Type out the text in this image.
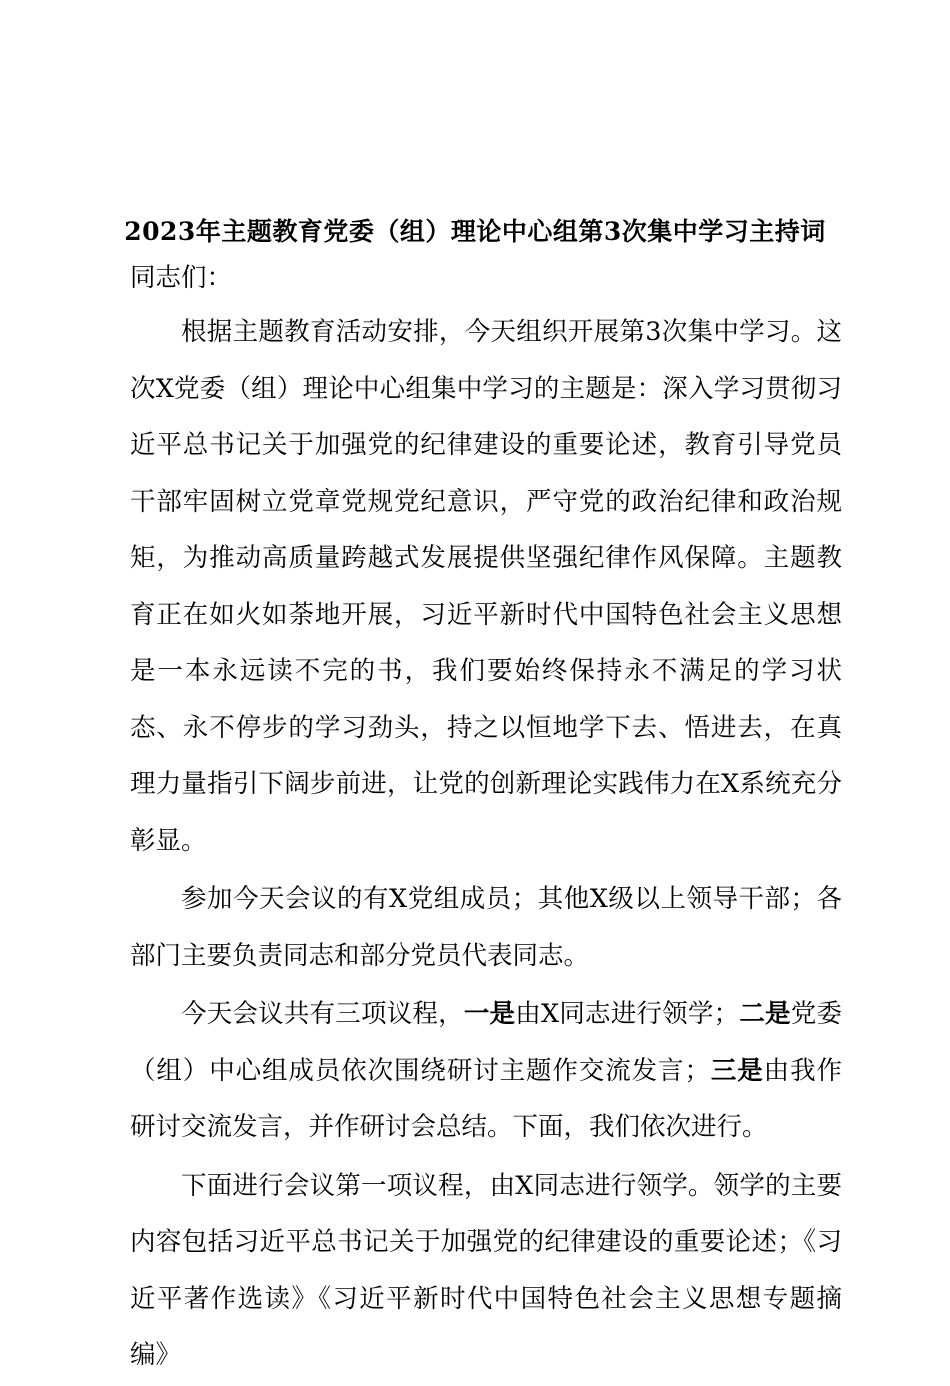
2023年主题教育党委（组）理论中心组第3次集中学习主持词

同志们：

根据主题教育活动安排，今天组织开展第3次集中学习。这次X党委（组）理论中心组集中学习的主题是：深入学习贯彻习近平总书记关于加强党的纪律建设的重要论述，教育引导党员干部牢固树立党章党规党纪意识，严守党的政治纪律和政治规矩，为推动高质量跨越式发展提供坚强纪律作风保障。主题教育正在如火如荼地开展，习近平新时代中国特色社会主义思想是一本永远读不完的书，我们要始终保持永不满足的学习状态、永不停步的学习劲头，持之以恒地学下去、悟进去，在真理力量指引下阔步前进，让党的创新理论实践伟力在X系统充分彰显。

参加今天会议的有X党组成员；其他X级以上领导干部；各部门主要负责同志和部分党员代表同志。

今天会议共有三项议程，一是由X同志进行领学；二是党委（组）中心组成员依次围绕研讨主题作交流发言；三是由我作研讨交流发言，并作研讨会总结。下面，我们依次进行。

下面进行会议第一项议程，由X同志进行领学。领学的主要内容包括习近平总书记关于加强党的纪律建设的重要论述；《习近平著作选读》《习近平新时代中国特色社会主义思想专题摘编》
